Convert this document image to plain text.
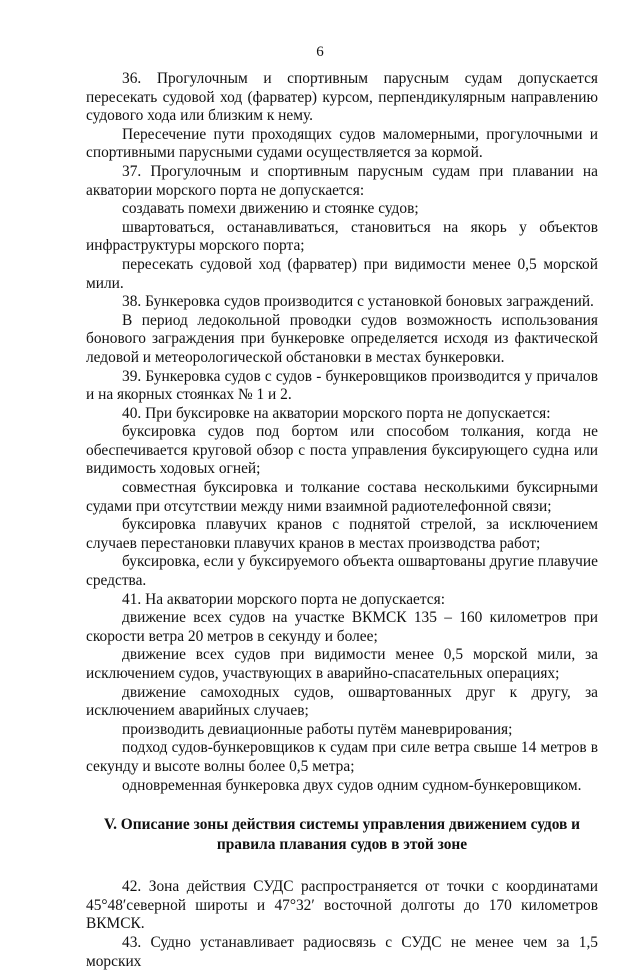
6

36. Прогулочным и спортивным парусным судам допускается пересекать судовой ход (фарватер) курсом, перпендикулярным направлению судового хода или близким к нему.

Пересечение пути проходящих судов маломерными, прогулочными и спортивными парусными судами осуществляется за кормой.

37. Прогулочным и спортивным парусным судам при плавании на акватории морского порта не допускается:

создавать помехи движению и стоянке судов;

швартоваться, останавливаться, становиться на якорь у объектов инфраструктуры морского порта;

пересекать судовой ход (фарватер) при видимости менее 0,5 морской мили.

38. Бункеровка судов производится с установкой боновых заграждений.

В период ледокольной проводки судов возможность использования бонового заграждения при бункеровке определяется исходя из фактической ледовой и метеорологической обстановки в местах бункеровки.

39. Бункеровка судов с судов - бункеровщиков производится у причалов и на якорных стоянках № 1 и 2.

40. При буксировке на акватории морского порта не допускается:

буксировка судов под бортом или способом толкания, когда не обеспечивается круговой обзор с поста управления буксирующего судна или видимость ходовых огней;

совместная буксировка и толкание состава несколькими буксирными судами при отсутствии между ними взаимной радиотелефонной связи;

буксировка плавучих кранов с поднятой стрелой, за исключением случаев перестановки плавучих кранов в местах производства работ;

буксировка, если у буксируемого объекта ошвартованы другие плавучие средства.

41. На акватории морского порта не допускается:

движение всех судов на участке ВКМСК 135 – 160 километров при скорости ветра 20 метров в секунду и более;

движение всех судов при видимости менее 0,5 морской мили, за исключением судов, участвующих в аварийно-спасательных операциях;

движение самоходных судов, ошвартованных друг к другу, за исключением аварийных случаев;

производить девиационные работы путём маневрирования;

подход судов-бункеровщиков к судам при силе ветра свыше 14 метров в секунду и высоте волны более 0,5 метра;

одновременная бункеровка двух судов одним судном-бункеровщиком.

V. Описание зоны действия системы управления движением судов и
правила плавания судов в этой зоне

42. Зона действия СУДС распространяется от точки с координатами 45°48′северной широты и 47°32′ восточной долготы до 170 километров ВКМСК.

43. Судно устанавливает радиосвязь с СУДС не менее чем за 1,5 морских
